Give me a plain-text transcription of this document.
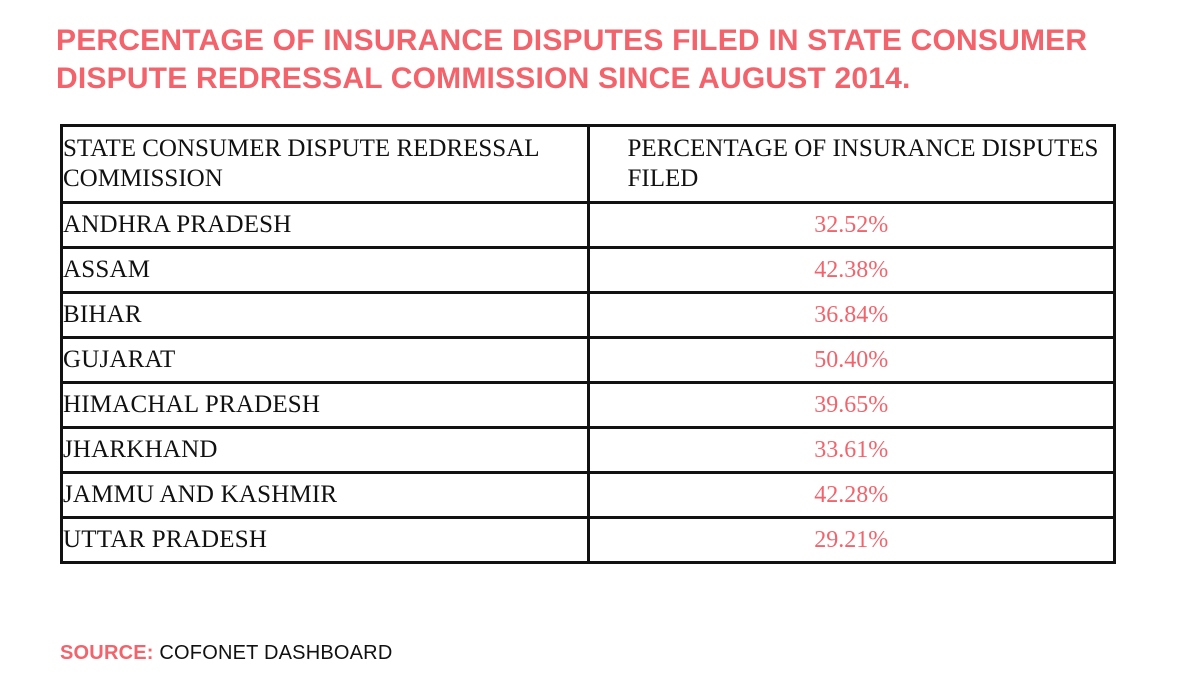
PERCENTAGE OF INSURANCE DISPUTES FILED IN STATE CONSUMER DISPUTE REDRESSAL COMMISSION SINCE AUGUST 2014.
STATE CONSUMER DISPUTE REDRESSAL COMMISSION	PERCENTAGE OF INSURANCE DISPUTES FILED
ANDHRA PRADESH	32.52%
ASSAM	42.38%
BIHAR	36.84%
GUJARAT	50.40%
HIMACHAL PRADESH	39.65%
JHARKHAND	33.61%
JAMMU AND KASHMIR	42.28%
UTTAR PRADESH	29.21%
SOURCE: COFONET DASHBOARD
